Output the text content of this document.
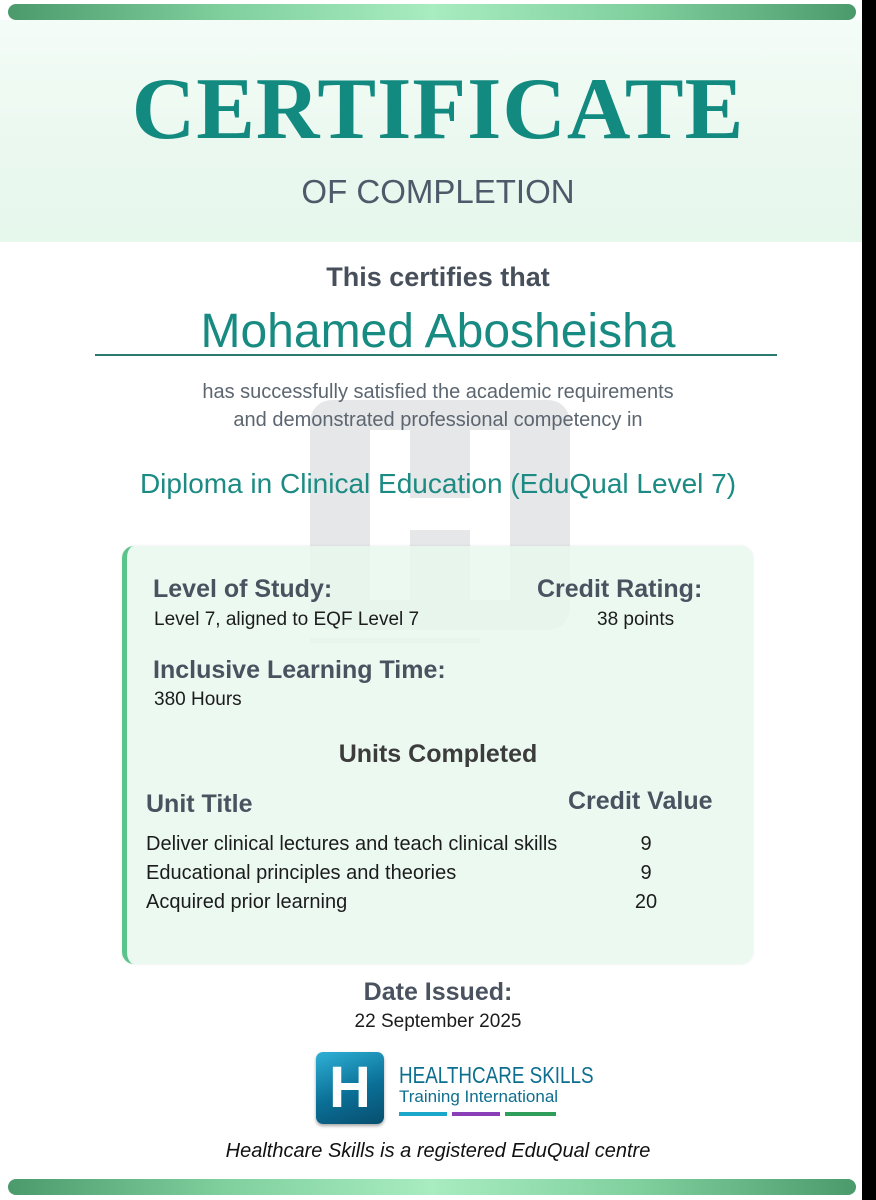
CERTIFICATE
OF COMPLETION
This certifies that
Mohamed Abosheisha
has successfully satisfied the academic requirements
and demonstrated professional competency in
Diploma in Clinical Education (EduQual Level 7)
Level of Study:
Level 7, aligned to EQF Level 7
Credit Rating:
38 points
Inclusive Learning Time:
380 Hours
Units Completed
Unit Title	Credit Value
Deliver clinical lectures and teach clinical skills	9
Educational principles and theories	9
Acquired prior learning	20
Date Issued:
22 September 2025
H	HEALTHCARE SKILLS
Training International
Healthcare Skills is a registered EduQual centre
